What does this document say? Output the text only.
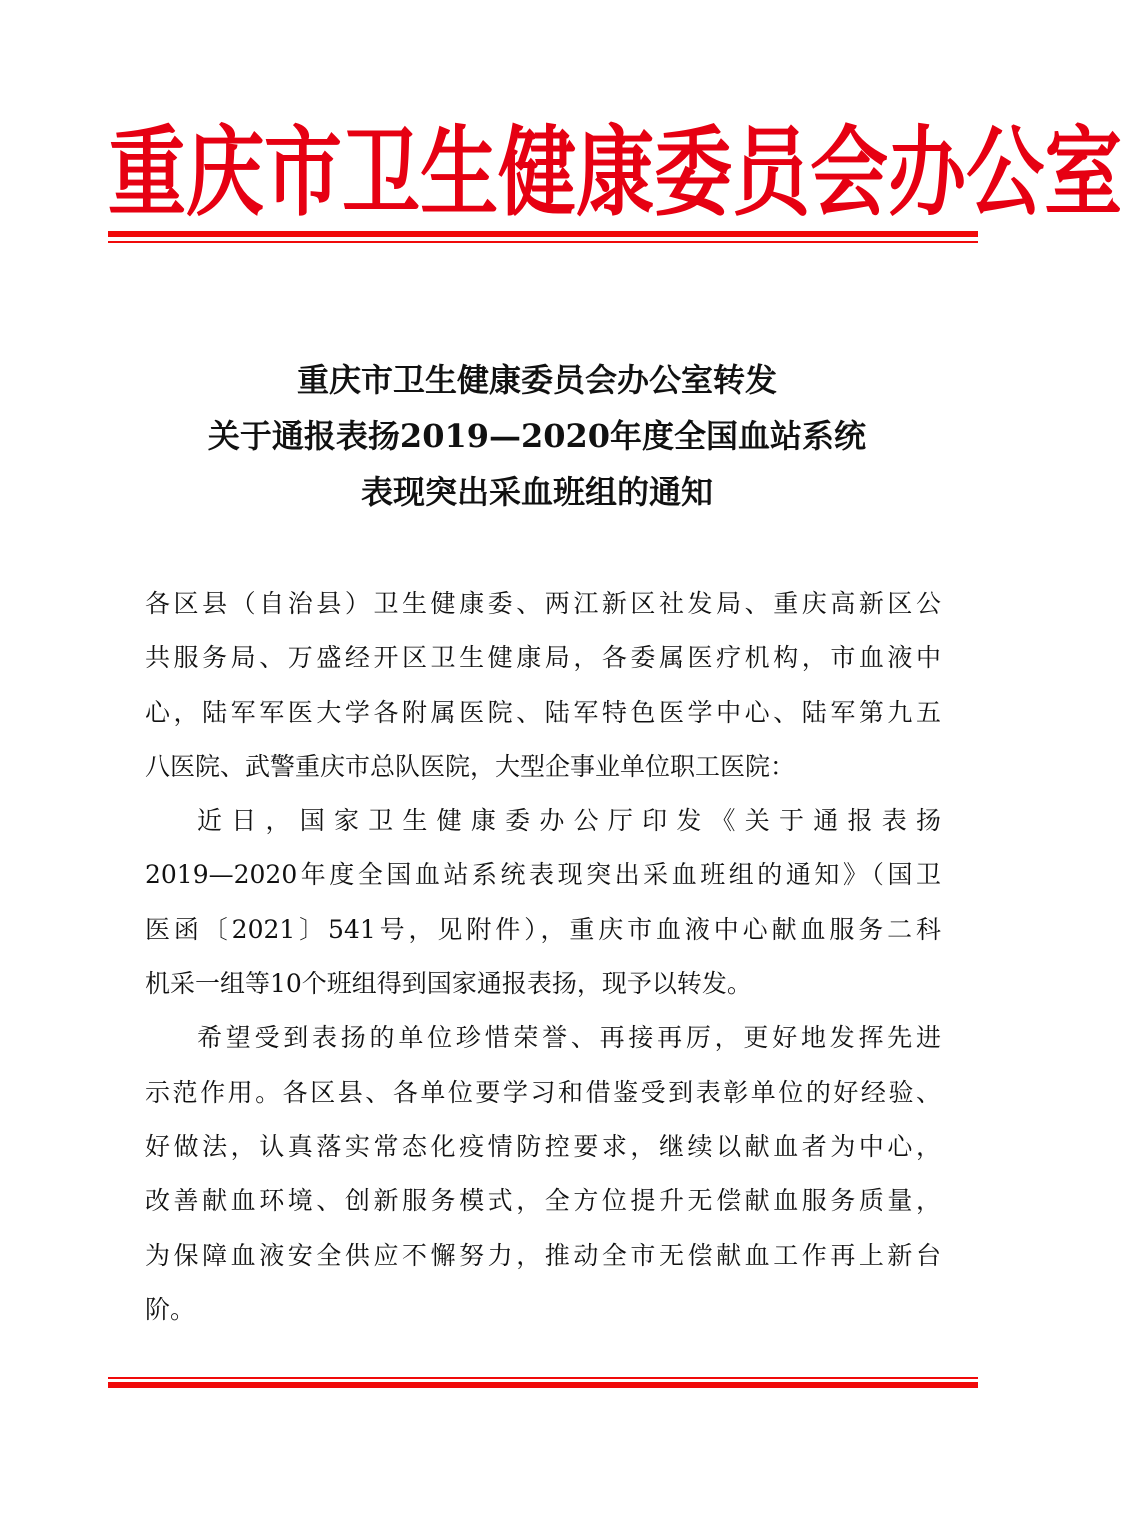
重 庆 市 卫 生 健 康 委 员 会 办 公 室
重庆市卫生健康委员会办公室转发
关于通报表扬2019—2020年度全国血站系统
表现突出采血班组的通知
各区县（自治县）卫生健康委、两江新区社发局、重庆高新区公
共服务局、万盛经开区卫生健康局，各委属医疗机构，市血液中
心，陆军军医大学各附属医院、陆军特色医学中心、陆军第九五
八医院、武警重庆市总队医院，大型企事业单位职工医院：
近日，国家卫生健康委办公厅印发《关于通报表扬
2019—2020年度全国血站系统表现突出采血班组的通知》（国卫
医函〔2021〕541号，见附件），重庆市血液中心献血服务二科
机采一组等10个班组得到国家通报表扬，现予以转发。
希望受到表扬的单位珍惜荣誉、再接再厉，更好地发挥先进
示范作用。各区县、各单位要学习和借鉴受到表彰单位的好经验、
好做法，认真落实常态化疫情防控要求，继续以献血者为中心，
改善献血环境、创新服务模式，全方位提升无偿献血服务质量，
为保障血液安全供应不懈努力，推动全市无偿献血工作再上新台
阶。
